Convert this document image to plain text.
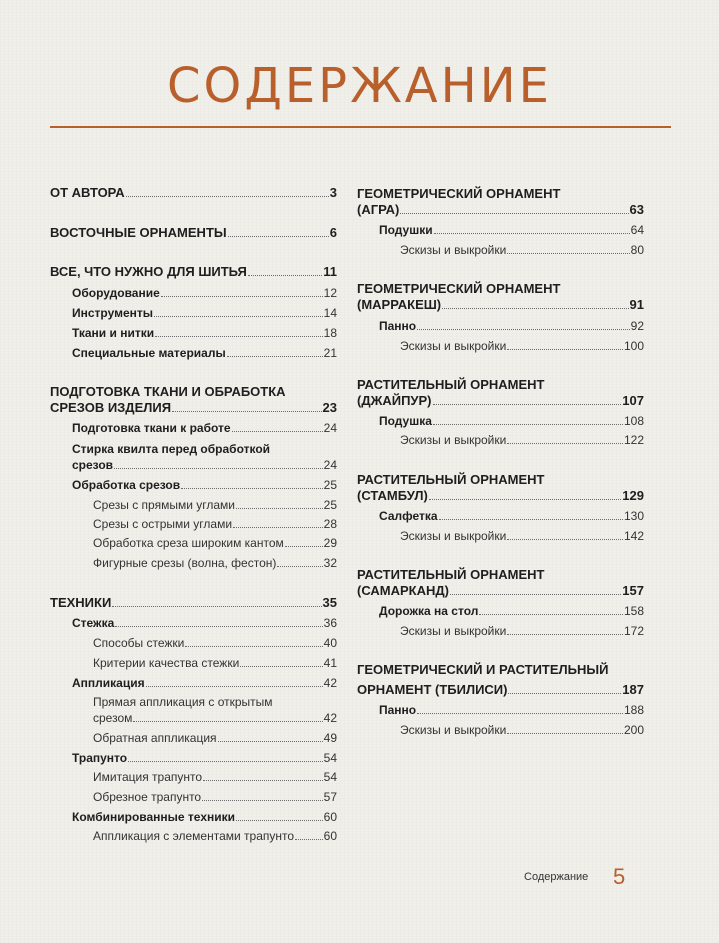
СОДЕРЖАНИЕ
ОТ АВТОРА	3
ВОСТОЧНЫЕ ОРНАМЕНТЫ	6
ВСЕ, ЧТО НУЖНО ДЛЯ ШИТЬЯ	11
Оборудование	12
Инструменты	14
Ткани и нитки	18
Специальные материалы	21
ПОДГОТОВКА ТКАНИ И ОБРАБОТКА
СРЕЗОВ ИЗДЕЛИЯ	23
Подготовка ткани к работе	24
Стирка квилта перед обработкой
срезов	24
Обработка срезов	25
Срезы с прямыми углами	25
Срезы с острыми углами	28
Обработка среза широким кантом	29
Фигурные срезы (волна, фестон)	32
ТЕХНИКИ	35
Стежка	36
Способы стежки	40
Критерии качества стежки	41
Аппликация	42
Прямая аппликация с открытым
срезом	42
Обратная аппликация	49
Трапунто	54
Имитация трапунто	54
Обрезное трапунто	57
Комбинированные техники	60
Аппликация с элементами трапунто 60
ГЕОМЕТРИЧЕСКИЙ ОРНАМЕНТ
(АГРА)	63
Подушки	64
Эскизы и выкройки	80
ГЕОМЕТРИЧЕСКИЙ ОРНАМЕНТ
(МАРРАКЕШ)	91
Панно	92
Эскизы и выкройки	100
РАСТИТЕЛЬНЫЙ ОРНАМЕНТ
(ДЖАЙПУР)	107
Подушка	108
Эскизы и выкройки	122
РАСТИТЕЛЬНЫЙ ОРНАМЕНТ
(СТАМБУЛ)	129
Салфетка	130
Эскизы и выкройки	142
РАСТИТЕЛЬНЫЙ ОРНАМЕНТ
(САМАРКАНД)	157
Дорожка на стол	158
Эскизы и выкройки	172
ГЕОМЕТРИЧЕСКИЙ И РАСТИТЕЛЬНЫЙ
ОРНАМЕНТ (ТБИЛИСИ)	187
Панно	188
Эскизы и выкройки	200
Содержание 5
